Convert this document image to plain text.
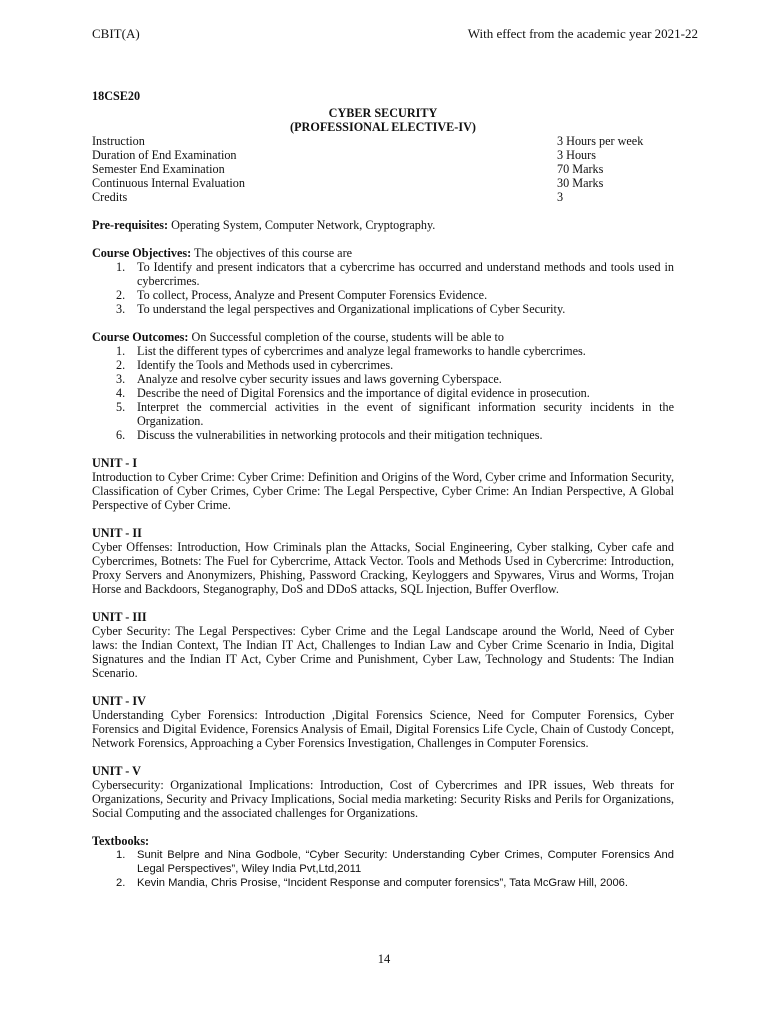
CBIT(A)	With effect from the academic year 2021-22
18CSE20
CYBER SECURITY
(PROFESSIONAL ELECTIVE-IV)
Instruction	3 Hours per week
Duration of End Examination	3 Hours
Semester End Examination	70 Marks
Continuous Internal Evaluation	30 Marks
Credits	3
Pre-requisites: Operating System, Computer Network, Cryptography.
Course Objectives: The objectives of this course are
1. To Identify and present indicators that a cybercrime has occurred and understand methods and tools used in cybercrimes.
2. To collect, Process, Analyze and Present Computer Forensics Evidence.
3. To understand the legal perspectives and Organizational implications of Cyber Security.
Course Outcomes: On Successful completion of the course, students will be able to
1. List the different types of cybercrimes and analyze legal frameworks to handle cybercrimes.
2. Identify the Tools and Methods used in cybercrimes.
3. Analyze and resolve cyber security issues and laws governing Cyberspace.
4. Describe the need of Digital Forensics and the importance of digital evidence in prosecution.
5. Interpret the commercial activities in the event of significant information security incidents in the Organization.
6. Discuss the vulnerabilities in networking protocols and their mitigation techniques.
UNIT - I
Introduction to Cyber Crime: Cyber Crime: Definition and Origins of the Word, Cyber crime and Information Security, Classification of Cyber Crimes, Cyber Crime: The Legal Perspective, Cyber Crime: An Indian Perspective, A Global Perspective of Cyber Crime.
UNIT - II
Cyber Offenses: Introduction, How Criminals plan the Attacks, Social Engineering, Cyber stalking, Cyber cafe and Cybercrimes, Botnets: The Fuel for Cybercrime, Attack Vector. Tools and Methods Used in Cybercrime: Introduction, Proxy Servers and Anonymizers, Phishing, Password Cracking, Keyloggers and Spywares, Virus and Worms, Trojan Horse and Backdoors, Steganography, DoS and DDoS attacks, SQL Injection, Buffer Overflow.
UNIT - III
Cyber Security: The Legal Perspectives: Cyber Crime and the Legal Landscape around the World, Need of Cyber laws: the Indian Context, The Indian IT Act, Challenges to Indian Law and Cyber Crime Scenario in India, Digital Signatures and the Indian IT Act, Cyber Crime and Punishment, Cyber Law, Technology and Students: The Indian Scenario.
UNIT - IV
Understanding Cyber Forensics: Introduction ,Digital Forensics Science, Need for Computer Forensics, Cyber Forensics and Digital Evidence, Forensics Analysis of Email, Digital Forensics Life Cycle, Chain of Custody Concept, Network Forensics, Approaching a Cyber Forensics Investigation, Challenges in Computer Forensics.
UNIT - V
Cybersecurity: Organizational Implications: Introduction, Cost of Cybercrimes and IPR issues, Web threats for Organizations, Security and Privacy Implications, Social media marketing: Security Risks and Perils for Organizations, Social Computing and the associated challenges for Organizations.
Textbooks:
1. Sunit Belpre and Nina Godbole, “Cyber Security: Understanding Cyber Crimes, Computer Forensics And Legal Perspectives”, Wiley India Pvt,Ltd,2011
2. Kevin Mandia, Chris Prosise, “Incident Response and computer forensics”, Tata McGraw Hill, 2006.
14
